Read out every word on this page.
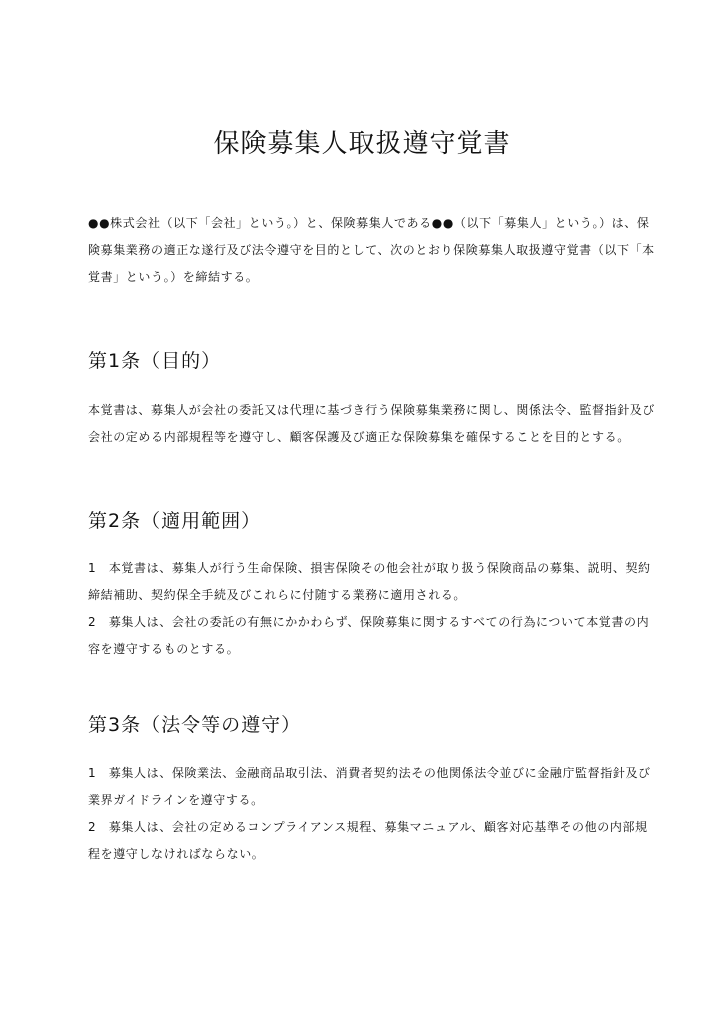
保険募集人取扱遵守覚書

●●株式会社（以下「会社」という。）と、保険募集人である●●（以下「募集人」という。）は、保
険募集業務の適正な遂行及び法令遵守を目的として、次のとおり保険募集人取扱遵守覚書（以下「本
覚書」という。）を締結する。

第1条（目的）

本覚書は、募集人が会社の委託又は代理に基づき行う保険募集業務に関し、関係法令、監督指針及び
会社の定める内部規程等を遵守し、顧客保護及び適正な保険募集を確保することを目的とする。

第2条（適用範囲）

1　本覚書は、募集人が行う生命保険、損害保険その他会社が取り扱う保険商品の募集、説明、契約
締結補助、契約保全手続及びこれらに付随する業務に適用される。
2　募集人は、会社の委託の有無にかかわらず、保険募集に関するすべての行為について本覚書の内
容を遵守するものとする。

第3条（法令等の遵守）

1　募集人は、保険業法、金融商品取引法、消費者契約法その他関係法令並びに金融庁監督指針及び
業界ガイドラインを遵守する。
2　募集人は、会社の定めるコンプライアンス規程、募集マニュアル、顧客対応基準その他の内部規
程を遵守しなければならない。
